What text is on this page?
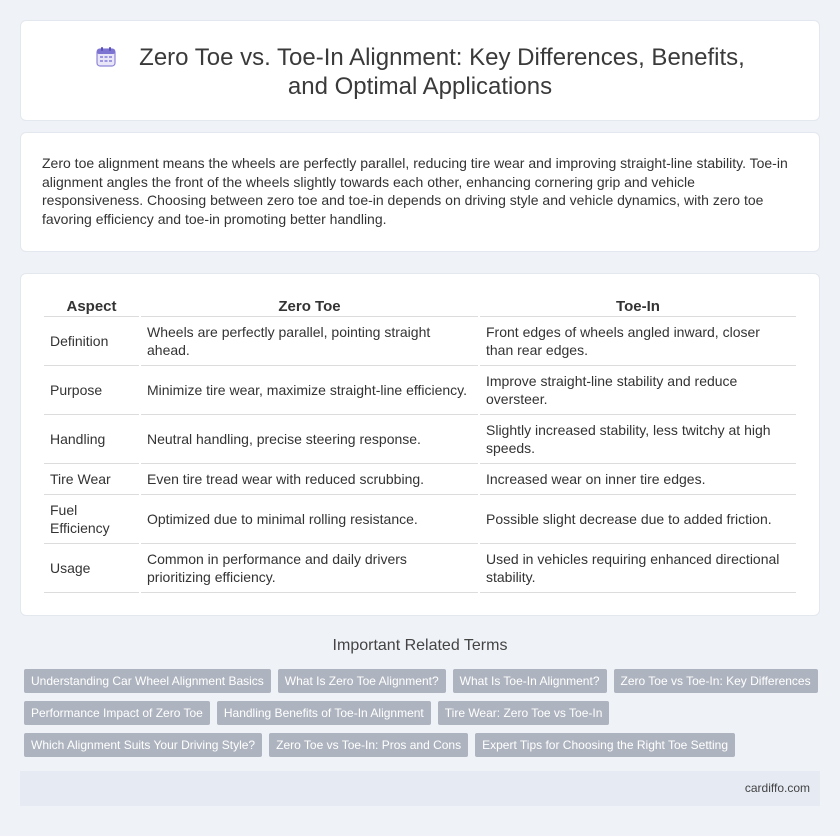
Zero Toe vs. Toe-In Alignment: Key Differences, Benefits, and Optimal Applications

Zero toe alignment means the wheels are perfectly parallel, reducing tire wear and improving straight-line stability. Toe-in alignment angles the front of the wheels slightly towards each other, enhancing cornering grip and vehicle responsiveness. Choosing between zero toe and toe-in depends on driving style and vehicle dynamics, with zero toe favoring efficiency and toe-in promoting better handling.

Aspect	Zero Toe	Toe-In
Definition	Wheels are perfectly parallel, pointing straight ahead.	Front edges of wheels angled inward, closer than rear edges.
Purpose	Minimize tire wear, maximize straight-line efficiency.	Improve straight-line stability and reduce oversteer.
Handling	Neutral handling, precise steering response.	Slightly increased stability, less twitchy at high speeds.
Tire Wear	Even tire tread wear with reduced scrubbing.	Increased wear on inner tire edges.
Fuel Efficiency	Optimized due to minimal rolling resistance.	Possible slight decrease due to added friction.
Usage	Common in performance and daily drivers prioritizing efficiency.	Used in vehicles requiring enhanced directional stability.
Important Related Terms
Understanding Car Wheel Alignment Basics	What Is Zero Toe Alignment?	What Is Toe-In Alignment?	Zero Toe vs Toe-In: Key Differences
Performance Impact of Zero Toe	Handling Benefits of Toe-In Alignment	Tire Wear: Zero Toe vs Toe-In
Which Alignment Suits Your Driving Style?	Zero Toe vs Toe-In: Pros and Cons	Expert Tips for Choosing the Right Toe Setting
cardiffo.com
